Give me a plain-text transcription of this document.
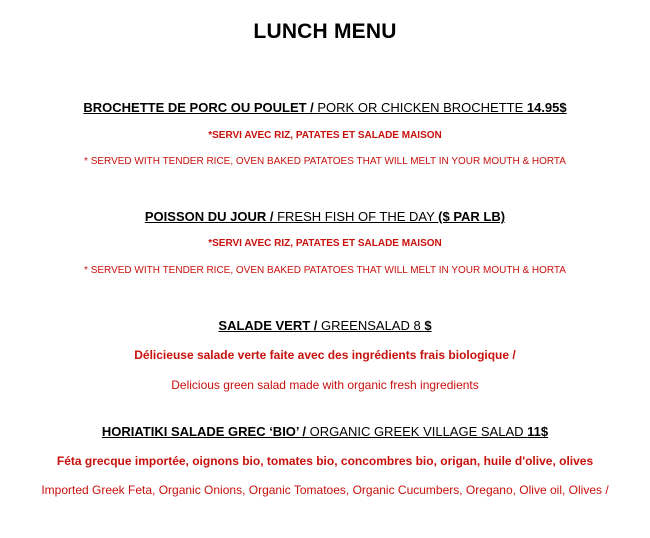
LUNCH MENU
BROCHETTE DE PORC OU POULET / PORK OR CHICKEN BROCHETTE 14.95$
*SERVI AVEC RIZ, PATATES ET SALADE MAISON
* SERVED WITH TENDER RICE, OVEN BAKED PATATOES THAT WILL MELT IN YOUR MOUTH & HORTA
POISSON DU JOUR / FRESH FISH OF THE DAY ($ PAR LB)
*SERVI AVEC RIZ, PATATES ET SALADE MAISON
* SERVED WITH TENDER RICE, OVEN BAKED PATATOES THAT WILL MELT IN YOUR MOUTH & HORTA
SALADE VERT / GREENSALAD 8 $
Délicieuse salade verte faite avec des ingrédients frais biologique /
Delicious green salad made with organic fresh ingredients
HORIATIKI SALADE GREC ‘BIO’ / ORGANIC GREEK VILLAGE SALAD 11$
Féta grecque importée, oignons bio, tomates bio, concombres bio, origan, huile d'olive, olives
Imported Greek Feta, Organic Onions, Organic Tomatoes, Organic Cucumbers, Oregano, Olive oil, Olives /
